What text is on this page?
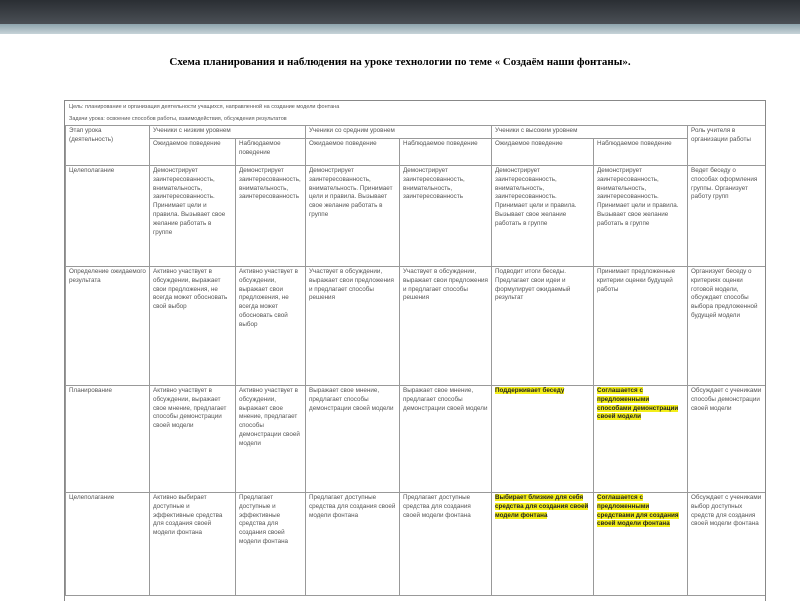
Схема планирования и наблюдения на уроке технологии по теме « Создаём наши фонтаны».
Цель: планирование и организация деятельности учащихся, направленной на создание модели фонтана
Задачи урока: освоение способов работы, взаимодействия, обсуждения результатов
Этап урока (деятельность)	Ученики с низким уровнем		Ученики со средним уровнем		Ученики с высоким уровнем		Роль учителя в организации работы
	Ожидаемое поведение	Наблюдаемое поведение	Ожидаемое поведение	Наблюдаемое поведение	Ожидаемое поведение	Наблюдаемое поведение	
Целеполагание	Демонстрирует заинтересованность, внимательность, заинтересованность. Принимает цели и правила. Вызывает свое желание работать в группе	Демонстрирует заинтересованность, внимательность, заинтересованность	Демонстрирует заинтересованность, внимательность. Принимает цели и правила. Вызывает свое желание работать в группе	Демонстрирует заинтересованность, внимательность, заинтересованность	Демонстрирует заинтересованность, внимательность, заинтересованность. Принимает цели и правила. Вызывает свое желание работать в группе	Демонстрирует заинтересованность, внимательность, заинтересованность. Принимает цели и правила. Вызывает свое желание работать в группе	Ведет беседу о способах оформления группы. Организует работу групп
Определение ожидаемого результата	Активно участвует в обсуждении, выражает свои предложения, не всегда может обосновать свой выбор	Активно участвует в обсуждении, выражает свои предложения, не всегда может обосновать свой выбор	Участвует в обсуждении, выражает свои предложения и предлагает способы решения	Участвует в обсуждении, выражает свои предложения и предлагает способы решения	Подводит итоги беседы. Предлагает свои идеи и формулирует ожидаемый результат	Принимает предложенные критерии оценки будущей работы	Организует беседу о критериях оценки готовой модели, обсуждает способы выбора предложенной будущей модели
Планирование	Активно участвует в обсуждении, выражает свое мнение, предлагает способы демонстрации своей модели	Активно участвует в обсуждении, выражает свое мнение, предлагает способы демонстрации своей модели	Выражает свое мнение, предлагает способы демонстрации своей модели	Выражает свое мнение, предлагает способы демонстрации своей модели	Поддерживает беседу	Соглашается с предложенными способами демонстрации своей модели	Обсуждает с учениками способы демонстрации своей модели
Целеполагание	Активно выбирает доступные и эффективные средства для создания своей модели фонтана	Предлагает доступные и эффективные средства для создания своей модели фонтана	Предлагает доступные средства для создания своей модели фонтана	Предлагает доступные средства для создания своей модели фонтана	Выбирает близкие для себя средства для создания своей модели фонтана	Соглашается с предложенными средствами для создания своей модели фонтана	Обсуждает с учениками выбор доступных средств для создания своей модели фонтана
